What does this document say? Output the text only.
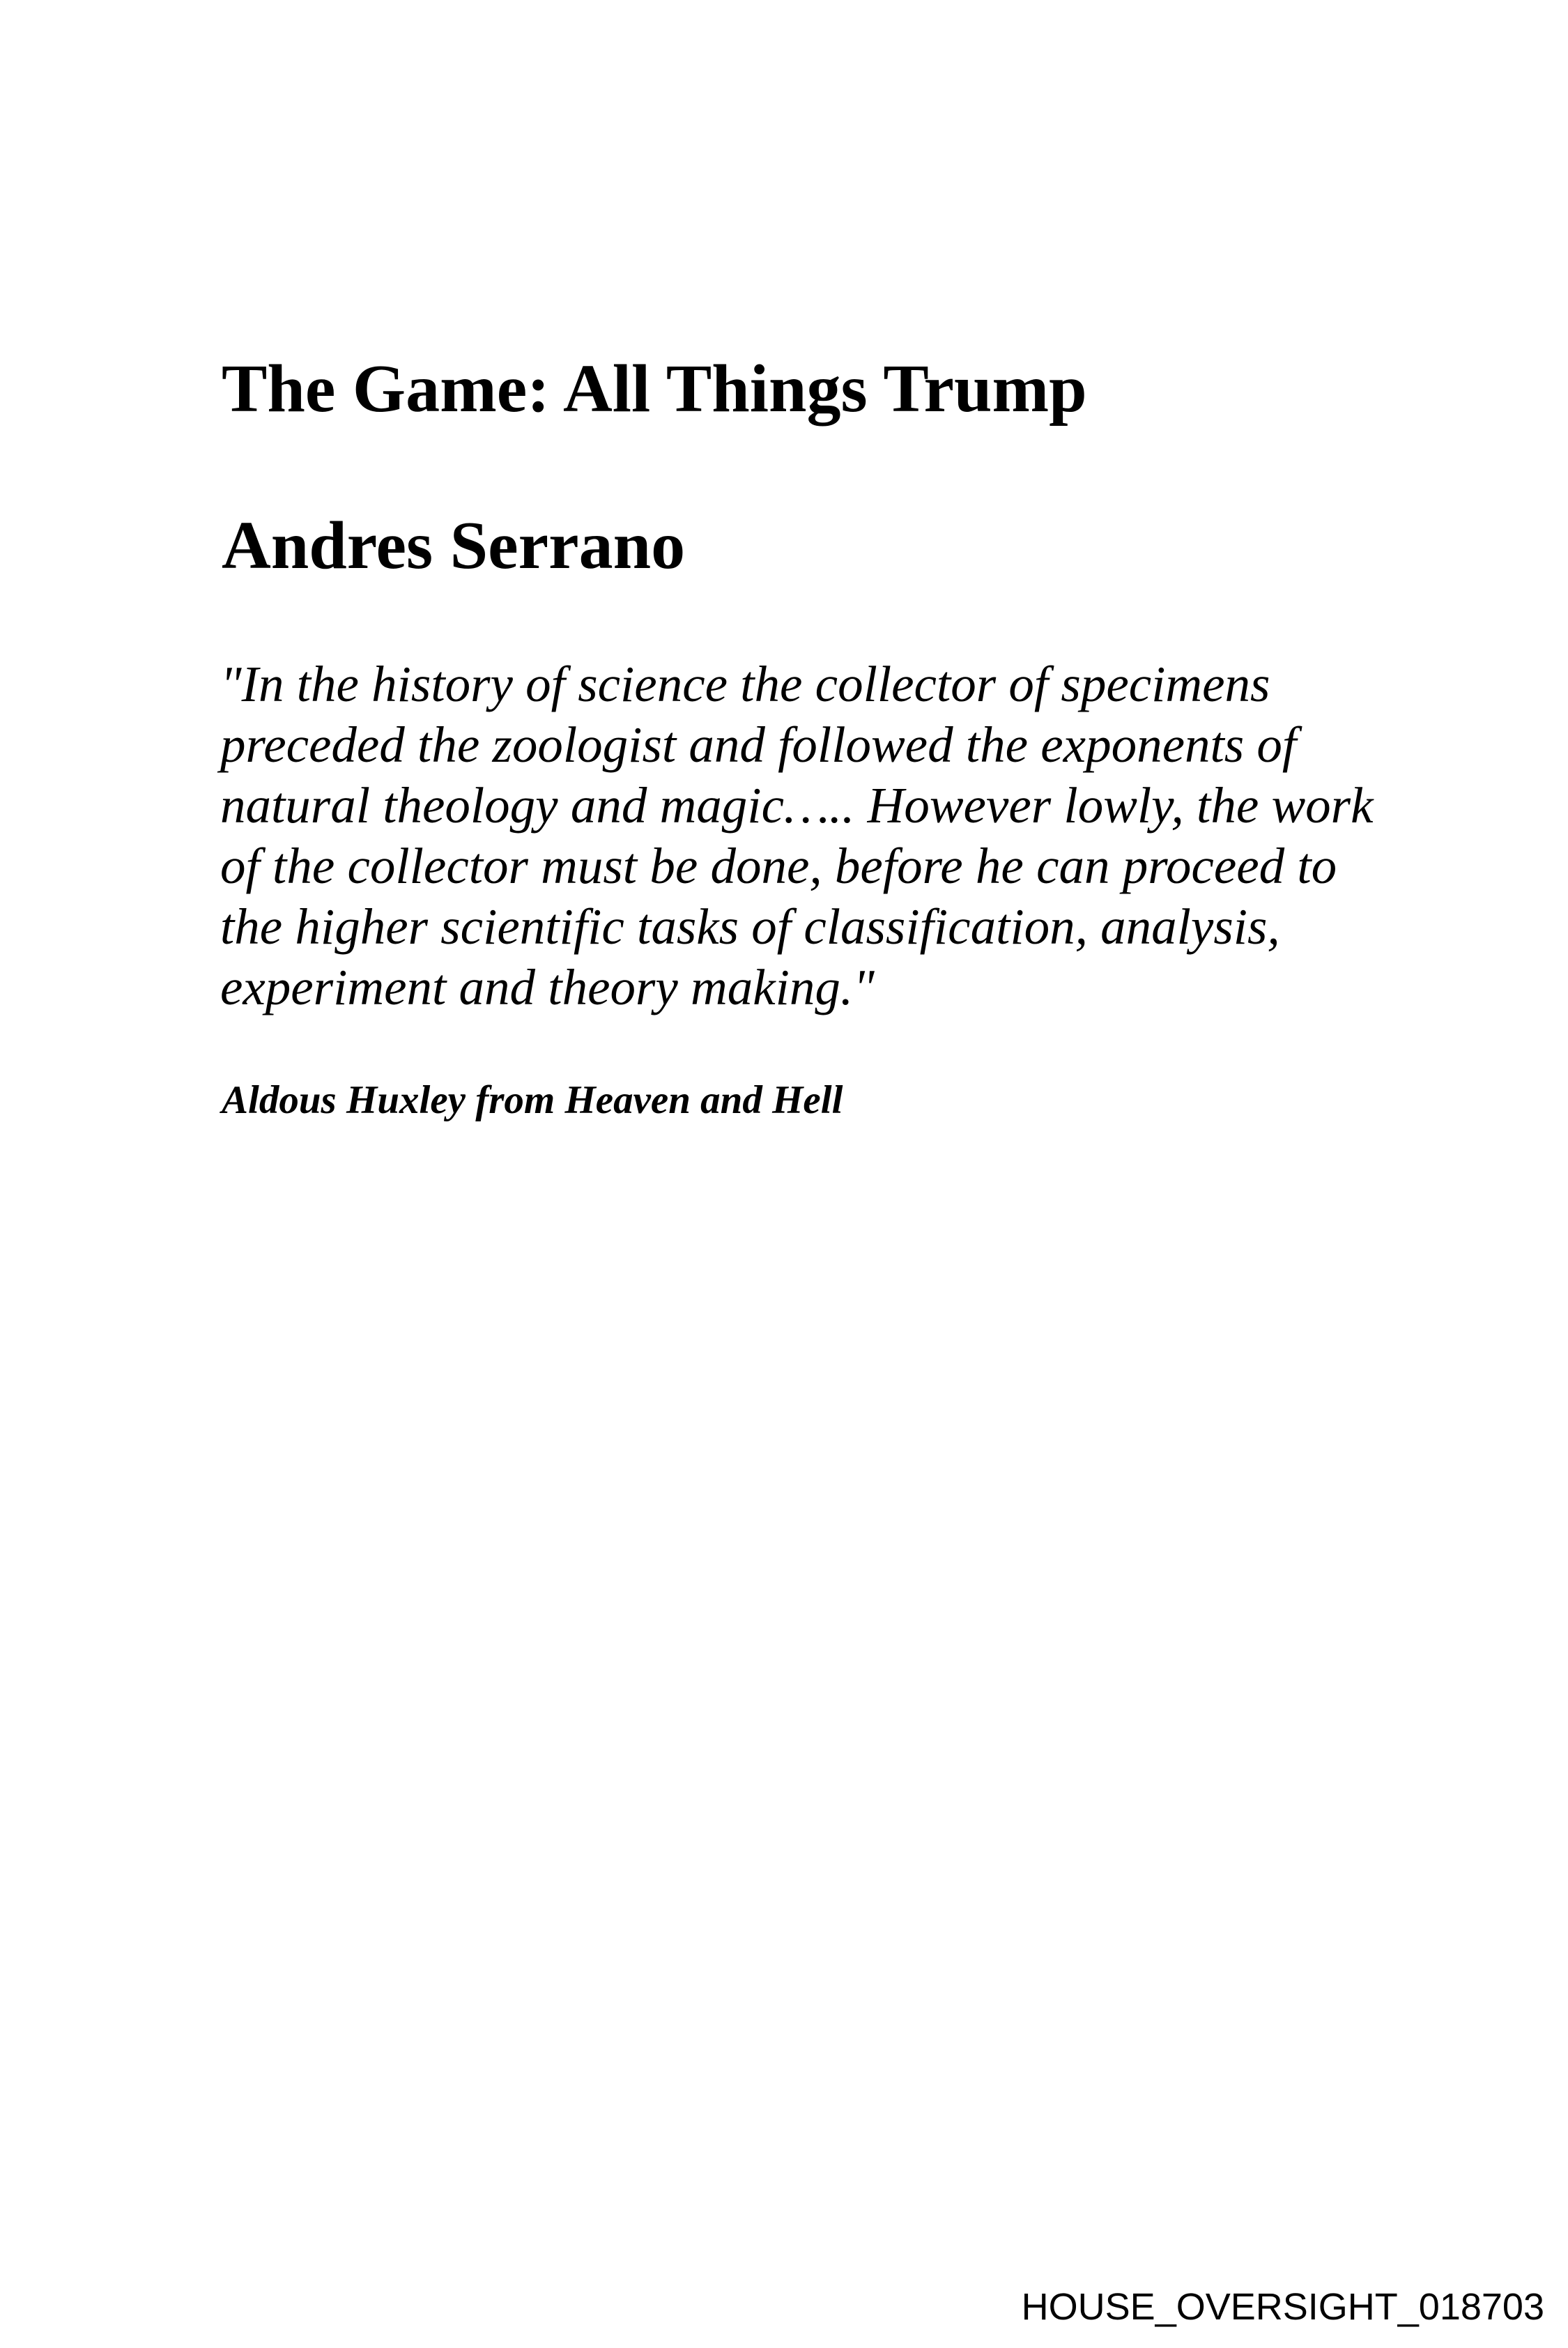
The Game: All Things Trump
Andres Serrano
"In the history of science the collector of specimens
preceded the zoologist and followed the exponents of
natural theology and magic….. However lowly, the work
of the collector must be done, before he can proceed to
the higher scientific tasks of classification, analysis,
experiment and theory making."

Aldous Huxley from Heaven and Hell

HOUSE_OVERSIGHT_018703
